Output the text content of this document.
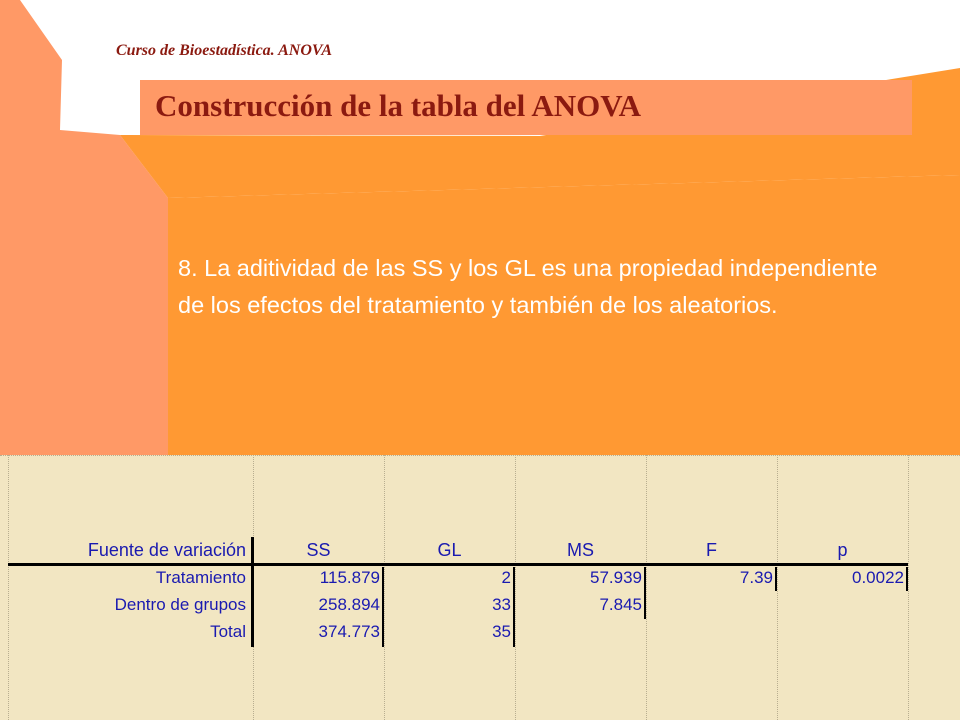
Curso de Bioestadística. ANOVA
Construcción de la tabla del ANOVA

8. La aditividad de las SS y los GL es una propiedad independiente de los efectos del tratamiento y también de los aleatorios.

Fuente de variación	SS	GL	MS	F	p
Tratamiento	115.879	2	57.939	7.39	0.0022
Dentro de grupos	258.894	33	7.845
Total	374.773	35
